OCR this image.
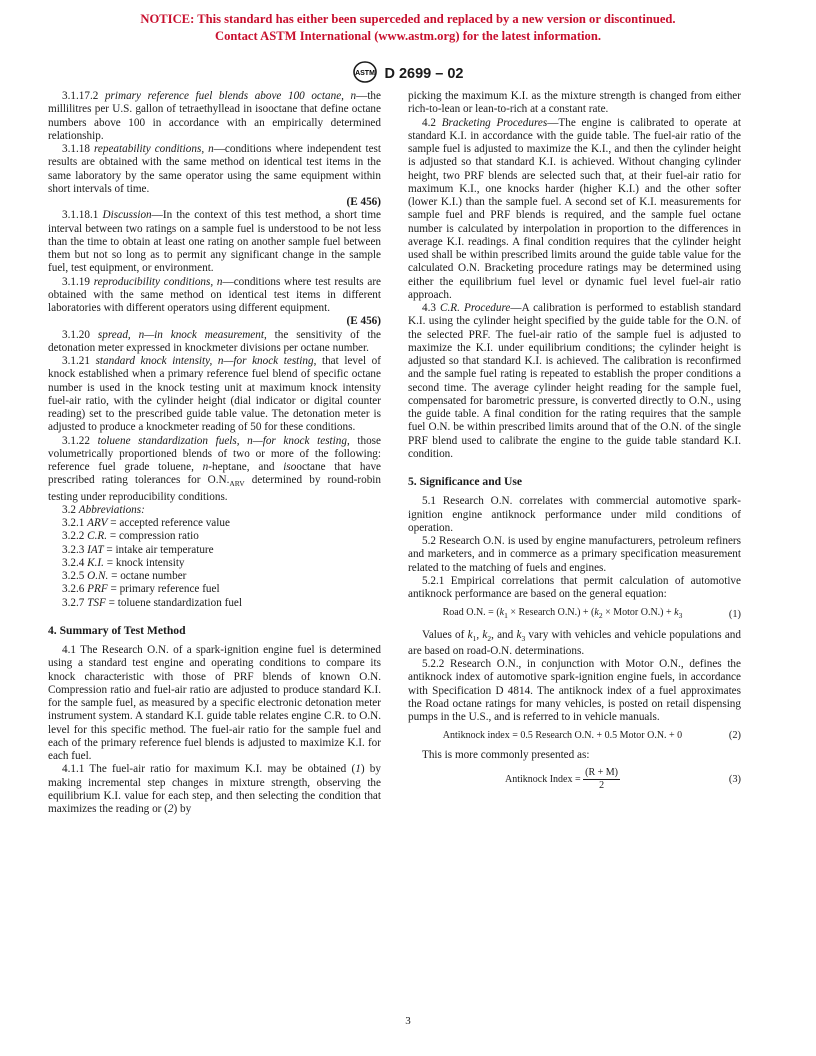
NOTICE: This standard has either been superceded and replaced by a new version or discontinued.
Contact ASTM International (www.astm.org) for the latest information.
ASTM D 2699 – 02

3.1.17.2 primary reference fuel blends above 100 octane, n—the millilitres per U.S. gallon of tetraethyllead in isooctane that define octane numbers above 100 in accordance with an empirically determined relationship.

3.1.18 repeatability conditions, n—conditions where independent test results are obtained with the same method on identical test items in the same laboratory by the same operator using the same equipment within short intervals of time.

(E 456)

3.1.18.1 Discussion—In the context of this test method, a short time interval between two ratings on a sample fuel is understood to be not less than the time to obtain at least one rating on another sample fuel between them but not so long as to permit any significant change in the sample fuel, test equipment, or environment.

3.1.19 reproducibility conditions, n—conditions where test results are obtained with the same method on identical test items in different laboratories with different operators using different equipment.

(E 456)

3.1.20 spread, n—in knock measurement, the sensitivity of the detonation meter expressed in knockmeter divisions per octane number.

3.1.21 standard knock intensity, n—for knock testing, that level of knock established when a primary reference fuel blend of specific octane number is used in the knock testing unit at maximum knock intensity fuel-air ratio, with the cylinder height (dial indicator or digital counter reading) set to the prescribed guide table value. The detonation meter is adjusted to produce a knockmeter reading of 50 for these conditions.

3.1.22 toluene standardization fuels, n—for knock testing, those volumetrically proportioned blends of two or more of the following: reference fuel grade toluene, n-heptane, and isooctane that have prescribed rating tolerances for $O.N._{ARV}$ determined by round-robin testing under reproducibility conditions.

3.2 Abbreviations:

3.2.1 ARV = accepted reference value

3.2.2 C.R. = compression ratio

3.2.3 IAT = intake air temperature

3.2.4 K.I. = knock intensity

3.2.5 O.N. = octane number

3.2.6 PRF = primary reference fuel

3.2.7 TSF = toluene standardization fuel

4. Summary of Test Method

4.1 The Research O.N. of a spark-ignition engine fuel is determined using a standard test engine and operating conditions to compare its knock characteristic with those of PRF blends of known O.N. Compression ratio and fuel-air ratio are adjusted to produce standard K.I. for the sample fuel, as measured by a specific electronic detonation meter instrument system. A standard K.I. guide table relates engine C.R. to O.N. level for this specific method. The fuel-air ratio for the sample fuel and each of the primary reference fuel blends is adjusted to maximize K.I. for each fuel.

4.1.1 The fuel-air ratio for maximum K.I. may be obtained (1) by making incremental step changes in mixture strength, observing the equilibrium K.I. value for each step, and then selecting the condition that maximizes the reading or (2) by

picking the maximum K.I. as the mixture strength is changed from either rich-to-lean or lean-to-rich at a constant rate.

4.2 Bracketing Procedures—The engine is calibrated to operate at standard K.I. in accordance with the guide table. The fuel-air ratio of the sample fuel is adjusted to maximize the K.I., and then the cylinder height is adjusted so that standard K.I. is achieved. Without changing cylinder height, two PRF blends are selected such that, at their fuel-air ratio for maximum K.I., one knocks harder (higher K.I.) and the other softer (lower K.I.) than the sample fuel. A second set of K.I. measurements for sample fuel and PRF blends is required, and the sample fuel octane number is calculated by interpolation in proportion to the differences in average K.I. readings. A final condition requires that the cylinder height used shall be within prescribed limits around the guide table value for the calculated O.N. Bracketing procedure ratings may be determined using either the equilibrium fuel level or dynamic fuel level fuel-air ratio approach.

4.3 C.R. Procedure—A calibration is performed to establish standard K.I. using the cylinder height specified by the guide table for the O.N. of the selected PRF. The fuel-air ratio of the sample fuel is adjusted to maximize the K.I. under equilibrium conditions; the cylinder height is adjusted so that standard K.I. is achieved. The calibration is reconfirmed and the sample fuel rating is repeated to establish the proper conditions a second time. The average cylinder height reading for the sample fuel, compensated for barometric pressure, is converted directly to O.N., using the guide table. A final condition for the rating requires that the sample fuel O.N. be within prescribed limits around that of the O.N. of the single PRF blend used to calibrate the engine to the guide table standard K.I. condition.

5. Significance and Use

5.1 Research O.N. correlates with commercial automotive spark-ignition engine antiknock performance under mild conditions of operation.

5.2 Research O.N. is used by engine manufacturers, petroleum refiners and marketers, and in commerce as a primary specification measurement related to the matching of fuels and engines.

5.2.1 Empirical correlations that permit calculation of automotive antiknock performance are based on the general equation:

Road O.N. = ($k_1$ × Research $O.N.) + (k_2$ × Motor $O.N.) + k_3$	(1)

Values of $k_1$, $k_2$, and $k_3$ vary with vehicles and vehicle populations and are based on road-O.N. determinations.

5.2.2 Research O.N., in conjunction with Motor O.N., defines the antiknock index of automotive spark-ignition engine fuels, in accordance with Specification D 4814. The antiknock index of a fuel approximates the Road octane ratings for many vehicles, is posted on retail dispensing pumps in the U.S., and is referred to in vehicle manuals.

Antiknock index = 0.5 Research O.N. + 0.5 Motor O.N. + 0	(2)

This is more commonly presented as:

Antiknock Index = $\frac{(R + M)}{2}$	(3)
3
